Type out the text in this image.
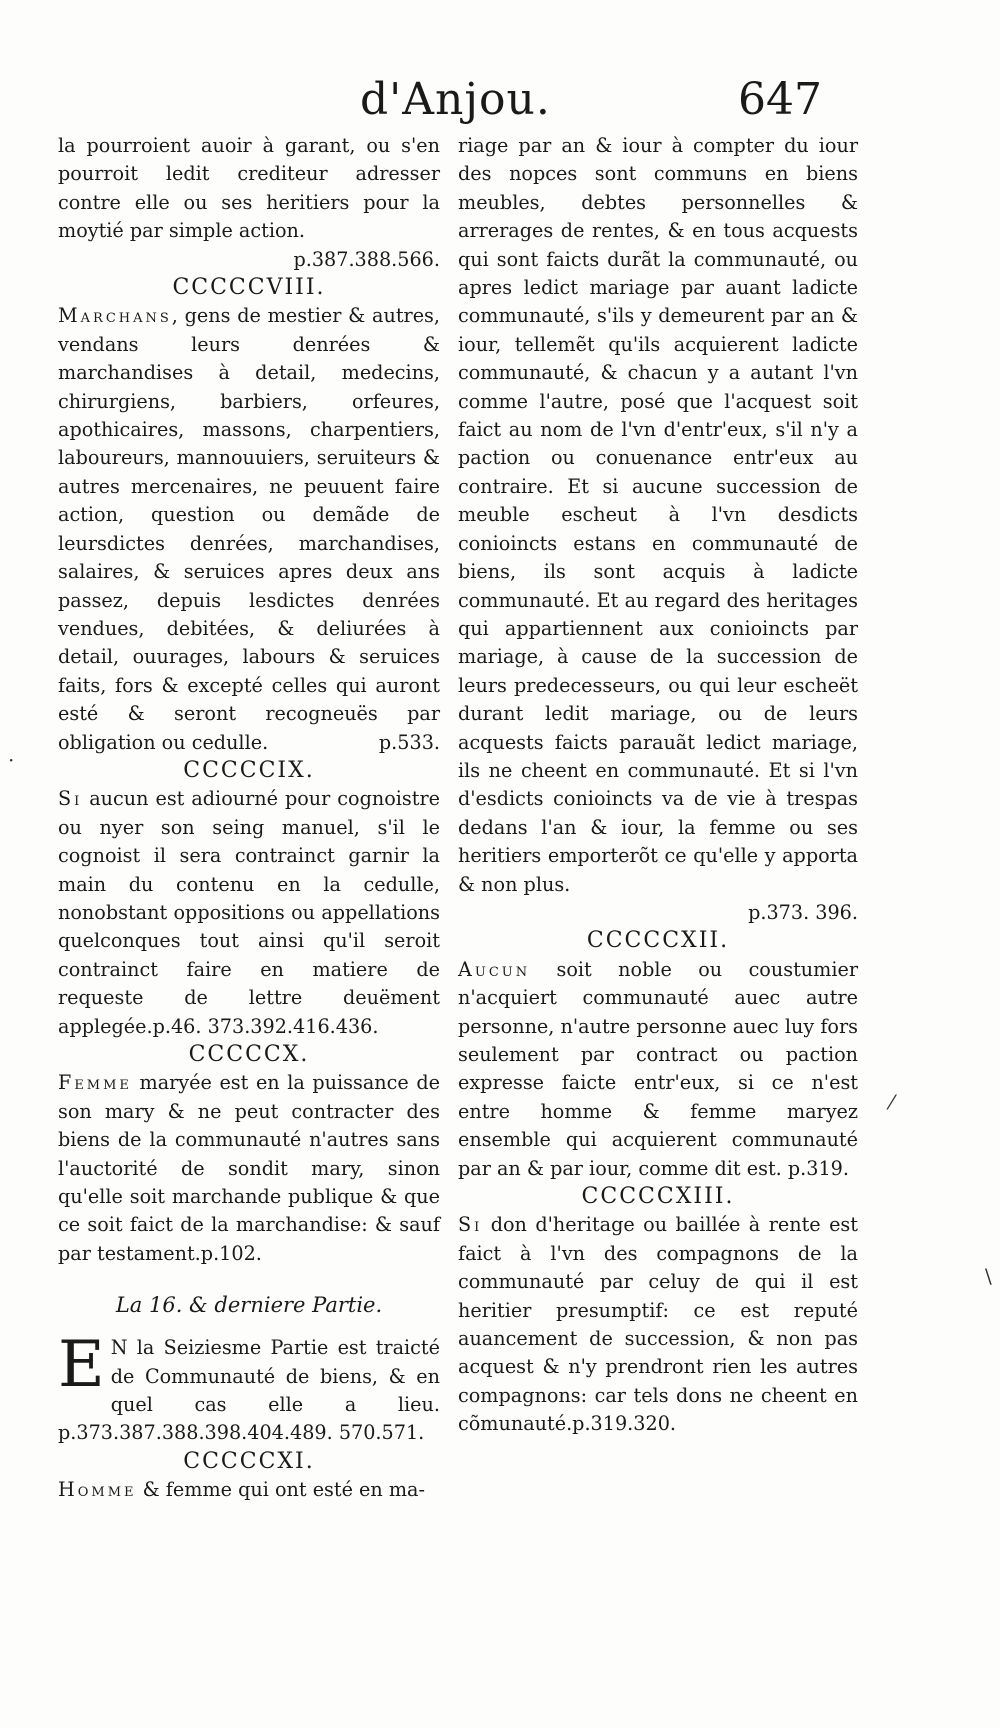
d'Anjou.	647

la pourroient auoir à garant, ou s'en pourroit ledit crediteur adresser contre elle ou ses heritiers pour la moytié par simple action.
p.387.388.566.

CCCCCVIII.

Marchans, gens de mestier & autres, vendans leurs denrées & marchandises à detail, medecins, chirurgiens, barbiers, orfeures, apothicaires, massons, charpentiers, laboureurs, mannouuiers, seruiteurs & autres mercenaires, ne peuuent faire action, question ou demãde de leursdictes denrées, marchandises, salaires, & seruices apres deux ans passez, depuis lesdictes denrées vendues, debitées, & deliurées à detail, ouurages, labours & seruices faits, fors & excepté celles qui auront esté & seront recogneuës par obligation ou cedulle.	p.533.

CCCCCIX.

Si aucun est adiourné pour cognoistre ou nyer son seing manuel, s'il le cognoist il sera contrainct garnir la main du contenu en la cedulle, nonobstant oppositions ou appellations quelconques tout ainsi qu'il seroit contrainct faire en matiere de requeste de lettre deuëment applegée.p.46. 373.392.416.436.

CCCCCX.

Femme maryée est en la puissance de son mary & ne peut contracter des biens de la communauté n'autres sans l'auctorité de sondit mary, sinon qu'elle soit marchande publique & que ce soit faict de la marchandise: & sauf par testament.p.102.

La 16. & derniere Partie.

E N la Seiziesme Partie est traicté de Communauté de biens, & en quel cas elle a lieu. p.373.387.388.398.404.489. 570.571.

CCCCCXI.

Homme & femme qui ont esté en ma-

riage par an & iour à compter du iour des nopces sont communs en biens meubles, debtes personnelles & arrerages de rentes, & en tous acquests qui sont faicts durãt la communauté, ou apres ledict mariage par auant ladicte communauté, s'ils y demeurent par an & iour, tellemẽt qu'ils acquierent ladicte communauté, & chacun y a autant l'vn comme l'autre, posé que l'acquest soit faict au nom de l'vn d'entr'eux, s'il n'y a paction ou conuenance entr'eux au contraire. Et si aucune succession de meuble escheut à l'vn desdicts conioincts estans en communauté de biens, ils sont acquis à ladicte communauté. Et au regard des heritages qui appartiennent aux conioincts par mariage, à cause de la succession de leurs predecesseurs, ou qui leur escheët durant ledit mariage, ou de leurs acquests faicts parauãt ledict mariage, ils ne cheent en communauté. Et si l'vn d'esdicts conioincts va de vie à trespas dedans l'an & iour, la femme ou ses heritiers emporterõt ce qu'elle y apporta & non plus.
p.373. 396.

CCCCCXII.

Aucun soit noble ou coustumier n'acquiert communauté auec autre personne, n'autre personne auec luy fors seulement par contract ou paction expresse faicte entr'eux, si ce n'est entre homme & femme maryez ensemble qui acquierent communauté par an & par iour, comme dit est. p.319.

CCCCCXIII.

Si don d'heritage ou baillée à rente est faict à l'vn des compagnons de la communauté par celuy de qui il est heritier presumptif: ce est reputé auancement de succession, & non pas acquest & n'y prendront rien les autres compagnons: car tels dons ne cheent en cõmunauté.p.319.320.

·
⁄
\
